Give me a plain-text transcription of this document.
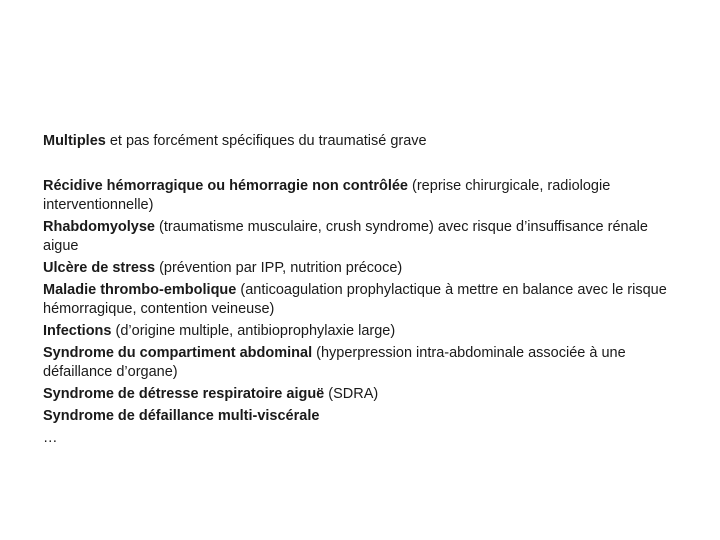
Multiples et pas forcément spécifiques du traumatisé grave

Récidive hémorragique ou hémorragie non contrôlée (reprise chirurgicale, radiologie interventionnelle)
Rhabdomyolyse (traumatisme musculaire, crush syndrome) avec risque d’insuffisance rénale aigue
Ulcère de stress (prévention par IPP, nutrition précoce)
Maladie thrombo-embolique (anticoagulation prophylactique à mettre en balance avec le risque hémorragique, contention veineuse)
Infections (d’origine multiple, antibioprophylaxie large)
Syndrome du compartiment abdominal (hyperpression intra-abdominale associée à une défaillance d’organe)
Syndrome de détresse respiratoire aiguë (SDRA)
Syndrome de défaillance multi-viscérale
…
